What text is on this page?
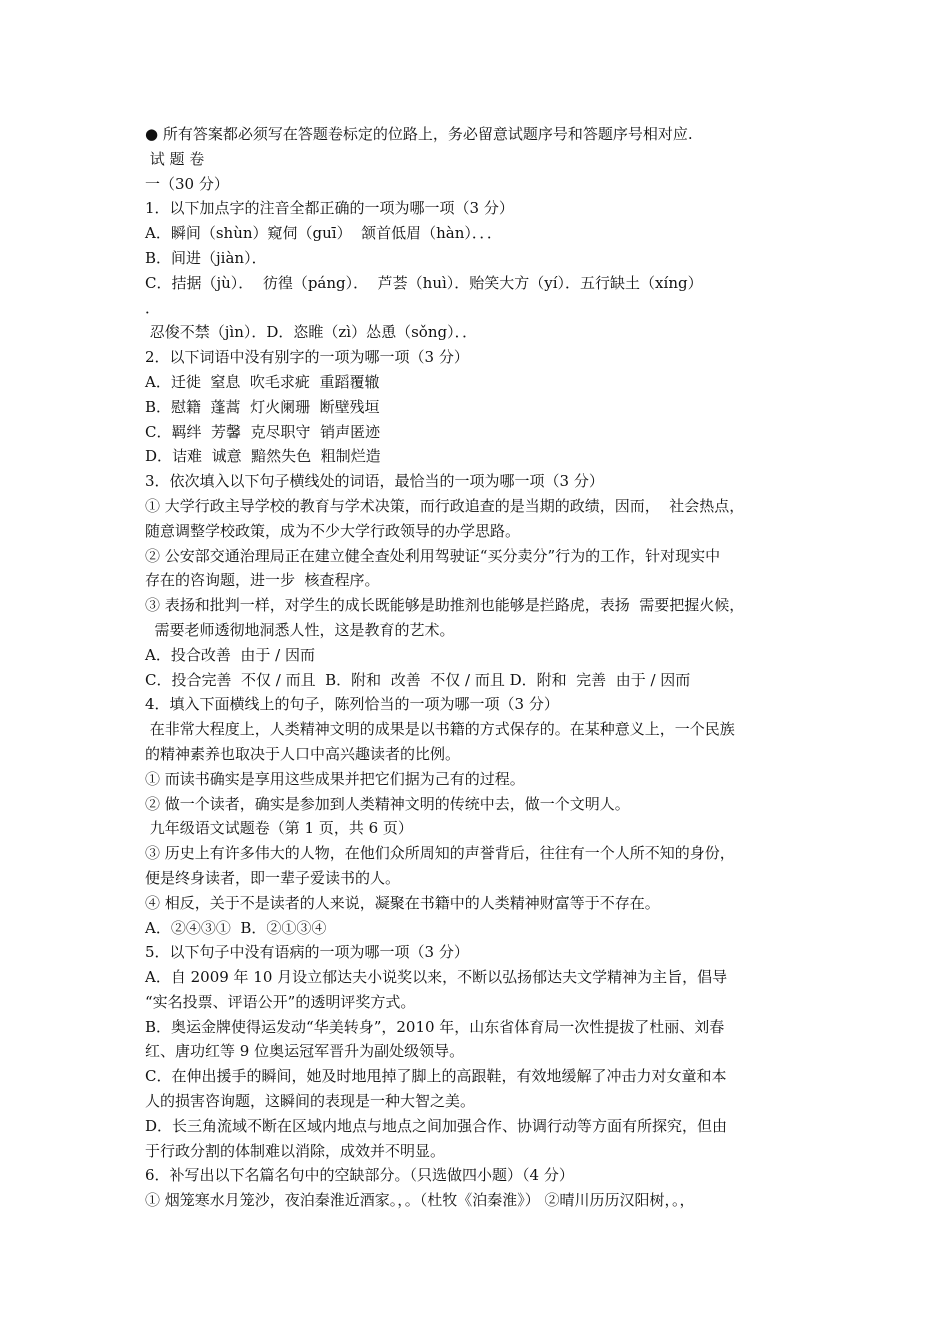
● 所有答案都必须写在答题卷标定的位路上，务必留意试题序号和答题序号相对应.
试 题 卷
一（30 分）
1．以下加点字的注音全都正确的一项为哪一项（3 分）
A．瞬间（shùn）窥伺（guī）  颔首低眉（hàn）．．．
B．间进（jiàn）．
C．拮据（jù）．  彷徨（páng）．  芦荟（huì）．贻笑大方（yí）．五行缺土（xíng）
．
忍俊不禁（jìn）．D．恣睢（zì）怂恿（sǒng）．．
2．以下词语中没有别字的一项为哪一项（3 分）
A．迁徙  窒息  吹毛求疵  重蹈覆辙
B．慰籍  蓬蒿  灯火阑珊  断壁残垣
C．羁绊  芳馨  克尽职守  销声匿迹
D．诘难  诚意  黯然失色  粗制烂造
3．依次填入以下句子横线处的词语，最恰当的一项为哪一项（3 分）
① 大学行政主导学校的教育与学术决策，而行政追查的是当期的政绩，因而，  社会热点，
随意调整学校政策，成为不少大学行政领导的办学思路。
② 公安部交通治理局正在建立健全查处利用驾驶证“买分卖分”行为的工作，针对现实中
存在的咨询题，进一步  核查程序。
③ 表扬和批判一样，对学生的成长既能够是助推剂也能够是拦路虎，表扬  需要把握火候，
需要老师透彻地洞悉人性，这是教育的艺术。
A．投合改善  由于 / 因而
C．投合完善  不仅 / 而且  B．附和  改善  不仅 / 而且 D．附和  完善  由于 / 因而
4．填入下面横线上的句子，陈列恰当的一项为哪一项（3 分）
在非常大程度上，人类精神文明的成果是以书籍的方式保存的。在某种意义上，一个民族
的精神素养也取决于人口中高兴趣读者的比例。
① 而读书确实是享用这些成果并把它们据为己有的过程。
② 做一个读者，确实是参加到人类精神文明的传统中去，做一个文明人。
九年级语文试题卷（第 1 页，共 6 页）
③ 历史上有许多伟大的人物，在他们众所周知的声誉背后，往往有一个人所不知的身份，
便是终身读者，即一辈子爱读书的人。
④ 相反，关于不是读者的人来说，凝聚在书籍中的人类精神财富等于不存在。
A．②④③①  B．②①③④
5．以下句子中没有语病的一项为哪一项（3 分）
A．自 2009 年 10 月设立郁达夫小说奖以来，不断以弘扬郁达夫文学精神为主旨，倡导
“实名投票、评语公开”的透明评奖方式。
B．奥运金牌使得运发动“华美转身”，2010 年，山东省体育局一次性提拔了杜丽、刘春
红、唐功红等 9 位奥运冠军晋升为副处级领导。
C．在伸出援手的瞬间，她及时地甩掉了脚上的高跟鞋，有效地缓解了冲击力对女童和本
人的损害咨询题，这瞬间的表现是一种大智之美。
D．长三角流域不断在区域内地点与地点之间加强合作、协调行动等方面有所探究，但由
于行政分割的体制难以消除，成效并不明显。
6．补写出以下名篇名句中的空缺部分。（只选做四小题）（4 分）
① 烟笼寒水月笼沙，夜泊秦淮近酒家。，。（杜牧《泊秦淮》） ②晴川历历汉阳树，。，
